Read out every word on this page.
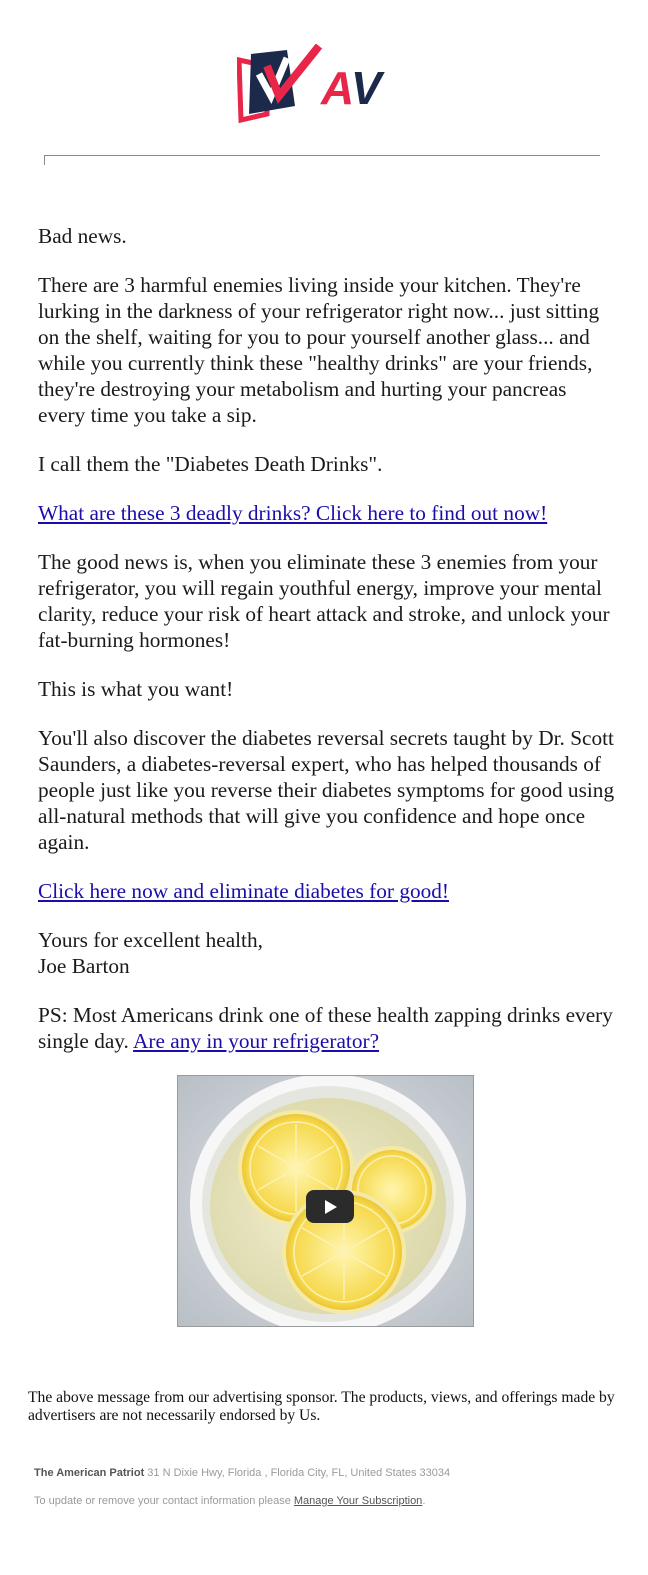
AV

Bad news.

There are 3 harmful enemies living inside your kitchen. They're lurking in the darkness of your refrigerator right now... just sitting on the shelf, waiting for you to pour yourself another glass... and while you currently think these "healthy drinks" are your friends, they're destroying your metabolism and hurting your pancreas every time you take a sip.

I call them the "Diabetes Death Drinks".

What are these 3 deadly drinks? Click here to find out now!

The good news is, when you eliminate these 3 enemies from your refrigerator, you will regain youthful energy, improve your mental clarity, reduce your risk of heart attack and stroke, and unlock your fat-burning hormones!

This is what you want!

You'll also discover the diabetes reversal secrets taught by Dr. Scott Saunders, a diabetes-reversal expert, who has helped thousands of people just like you reverse their diabetes symptoms for good using all-natural methods that will give you confidence and hope once again.

Click here now and eliminate diabetes for good!

Yours for excellent health,
Joe Barton

PS: Most Americans drink one of these health zapping drinks every single day. Are any in your refrigerator?

The above message from our advertising sponsor. The products, views, and offerings made by advertisers are not necessarily endorsed by Us.
The American Patriot 31 N Dixie Hwy, Florida , Florida City, FL, United States 33034
To update or remove your contact information please Manage Your Subscription.
